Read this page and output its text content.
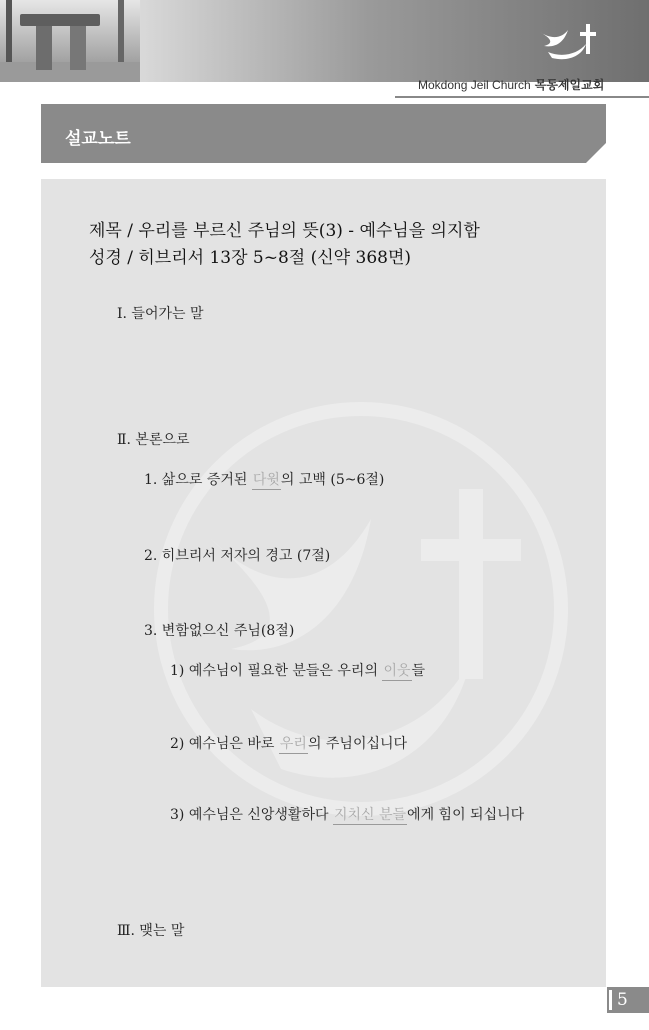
Mokdong Jeil Church 목동제일교회
설교노트
제목 / 우리를 부르신 주님의 뜻(3) - 예수님을 의지함
성경 / 히브리서 13장 5~8절 (신약 368면)
Ⅰ. 들어가는 말
Ⅱ. 본론으로
1. 삶으로 증거된 다윗의 고백 (5~6절)
2. 히브리서 저자의 경고 (7절)
3. 변함없으신 주님(8절)
1) 예수님이 필요한 분들은 우리의 이웃들
2) 예수님은 바로 우리의 주님이십니다
3) 예수님은 신앙생활하다 지치신 분들에게 힘이 되십니다
Ⅲ. 맺는 말
5
